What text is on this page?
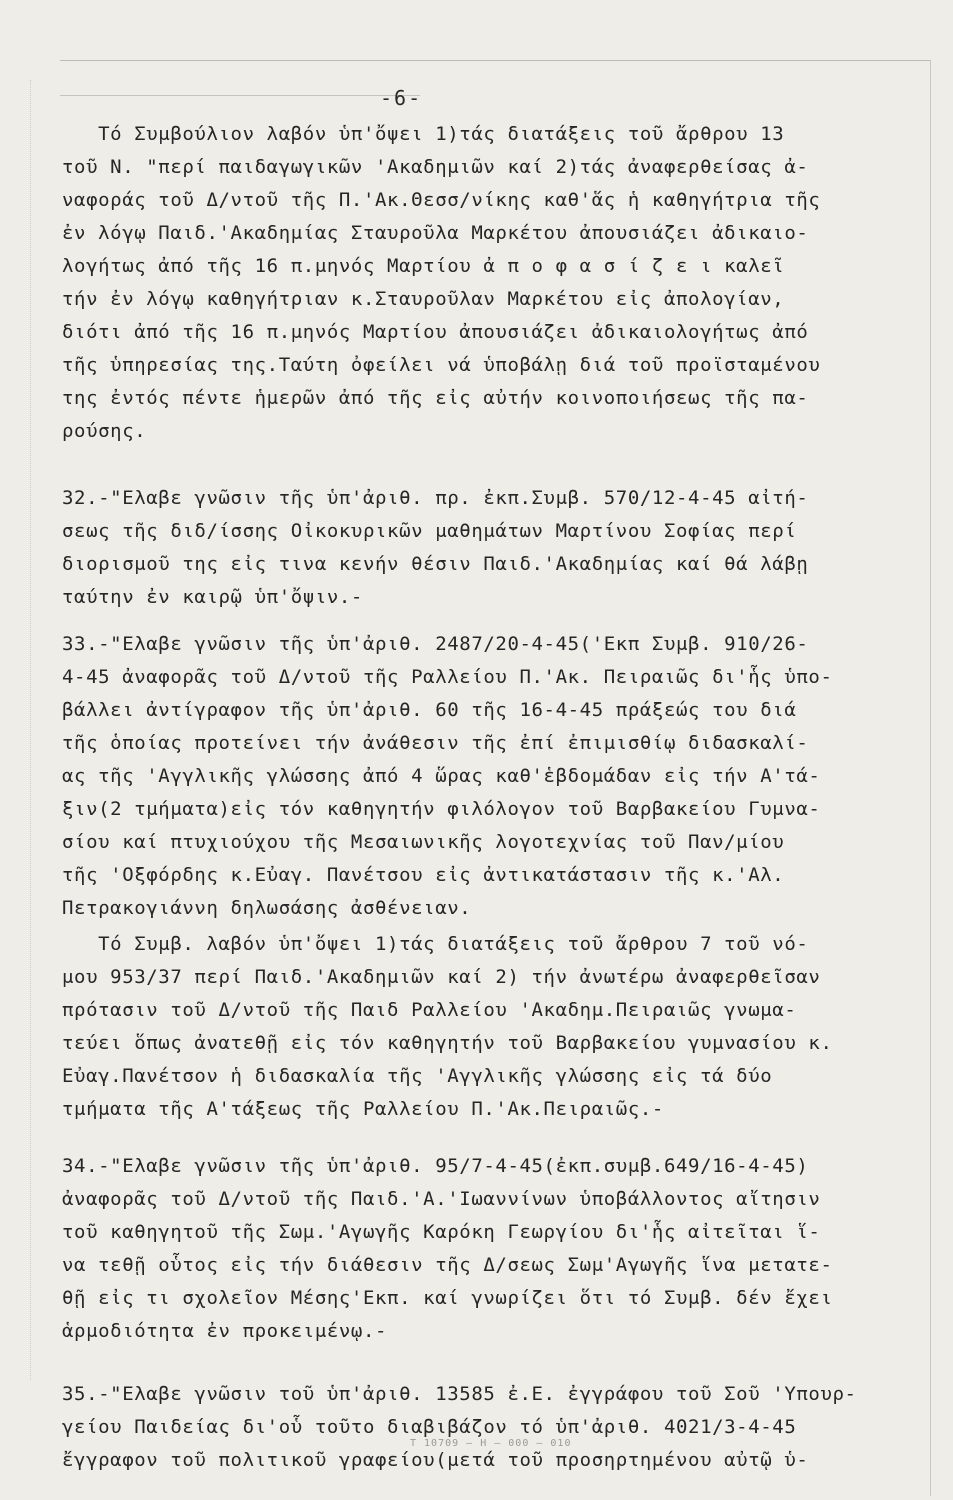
-6-
Τό Συμβούλιον λαβόν ὑπ'ὄψει 1)τάς διατάξεις τοῦ ἄρθρου 13
τοῦ Ν. "περί παιδαγωγικῶν 'Ακαδημιῶν καί 2)τάς ἀναφερθείσας ἀ-
ναφοράς τοῦ Δ/ντοῦ τῆς Π.'Ακ.Θεσσ/νίκης καθ'ἅς ἡ καθηγήτρια τῆς
ἐν λόγῳ Παιδ.'Ακαδημίας Σταυροῦλα Μαρκέτου ἀπουσιάζει ἀδικαιο-
λογήτως ἀπό τῆς 16 π.μηνός Μαρτίου ἀ π ο φ α σ ί ζ ε ι καλεῖ
τήν ἐν λόγῳ καθηγήτριαν κ.Σταυροῦλαν Μαρκέτου εἰς ἀπολογίαν,
διότι ἀπό τῆς 16 π.μηνός Μαρτίου ἀπουσιάζει ἀδικαιολογήτως ἀπό
τῆς ὑπηρεσίας της.Ταύτη ὀφείλει νά ὑποβάλῃ διά τοῦ προϊσταμένου
της ἐντός πέντε ἡμερῶν ἀπό τῆς εἰς αὐτήν κοινοποιήσεως τῆς πα-
ρούσης.
32.-"Ελαβε γνῶσιν τῆς ὑπ'ἀριθ. πρ. ἐκπ.Συμβ. 570/12-4-45 αἰτή-
σεως τῆς διδ/ίσσης Οἰκοκυρικῶν μαθημάτων Μαρτίνου Σοφίας περί
διορισμοῦ της εἰς τινα κενήν θέσιν Παιδ.'Ακαδημίας καί θά λάβῃ
ταύτην ἐν καιρῷ ὑπ'ὄψιν.-
33.-"Ελαβε γνῶσιν τῆς ὑπ'ἀριθ. 2487/20-4-45('Εκπ Συμβ. 910/26-
4-45 ἀναφορᾶς τοῦ Δ/ντοῦ τῆς Ραλλείου Π.'Ακ. Πειραιῶς δι'ἧς ὑπο-
βάλλει ἀντίγραφον τῆς ὑπ'ἀριθ. 60 τῆς 16-4-45 πράξεώς του διά
τῆς ὁποίας προτείνει τήν ἀνάθεσιν τῆς ἐπί ἐπιμισθίῳ διδασκαλί-
ας τῆς 'Αγγλικῆς γλώσσης ἀπό 4 ὥρας καθ'ἑβδομάδαν εἰς τήν Α'τά-
ξιν(2 τμήματα)εἰς τόν καθηγητήν φιλόλογον τοῦ Βαρβακείου Γυμνα-
σίου καί πτυχιούχου τῆς Μεσαιωνικῆς λογοτεχνίας τοῦ Παν/μίου
τῆς 'Οξφόρδης κ.Εὐαγ. Πανέτσου εἰς ἀντικατάστασιν τῆς κ.'Αλ.
Πετρακογιάννη δηλωσάσης ἀσθένειαν.
Τό Συμβ. λαβόν ὑπ'ὄψει 1)τάς διατάξεις τοῦ ἄρθρου 7 τοῦ νό-
μου 953/37 περί Παιδ.'Ακαδημιῶν καί 2) τήν ἀνωτέρω ἀναφερθεῖσαν
πρότασιν τοῦ Δ/ντοῦ τῆς Παιδ Ραλλείου 'Ακαδημ.Πειραιῶς γνωμα-
τεύει ὅπως ἀνατεθῇ εἰς τόν καθηγητήν τοῦ Βαρβακείου γυμνασίου κ.
Εὐαγ.Πανέτσον ἡ διδασκαλία τῆς 'Αγγλικῆς γλώσσης εἰς τά δύο
τμήματα τῆς Α'τάξεως τῆς Ραλλείου Π.'Ακ.Πειραιῶς.-
34.-"Ελαβε γνῶσιν τῆς ὑπ'ἀριθ. 95/7-4-45(ἐκπ.συμβ.649/16-4-45)
ἀναφορᾶς τοῦ Δ/ντοῦ τῆς Παιδ.'Α.'Ιωαννίνων ὑποβάλλοντος αἴτησιν
τοῦ καθηγητοῦ τῆς Σωμ.'Αγωγῆς Καρόκη Γεωργίου δι'ἧς αἰτεῖται ἵ-
να τεθῇ οὗτος εἰς τήν διάθεσιν τῆς Δ/σεως Σωμ'Αγωγῆς ἵνα μετατε-
θῇ εἰς τι σχολεῖον Μέσης'Εκπ. καί γνωρίζει ὅτι τό Συμβ. δέν ἔχει
ἁρμοδιότητα ἐν προκειμένῳ.-
35.-"Ελαβε γνῶσιν τοῦ ὑπ'ἀριθ. 13585 ἐ.Ε. ἐγγράφου τοῦ Σοῦ 'Υπουρ-
γείου Παιδείας δι'οὗ τοῦτο διαβιβάζον τό ὑπ'ἀριθ. 4021/3-4-45
ἔγγραφον τοῦ πολιτικοῦ γραφείου(μετά τοῦ προσηρτημένου αὐτῷ ὑ-
Τ 10709 — Η — 000 — 010
